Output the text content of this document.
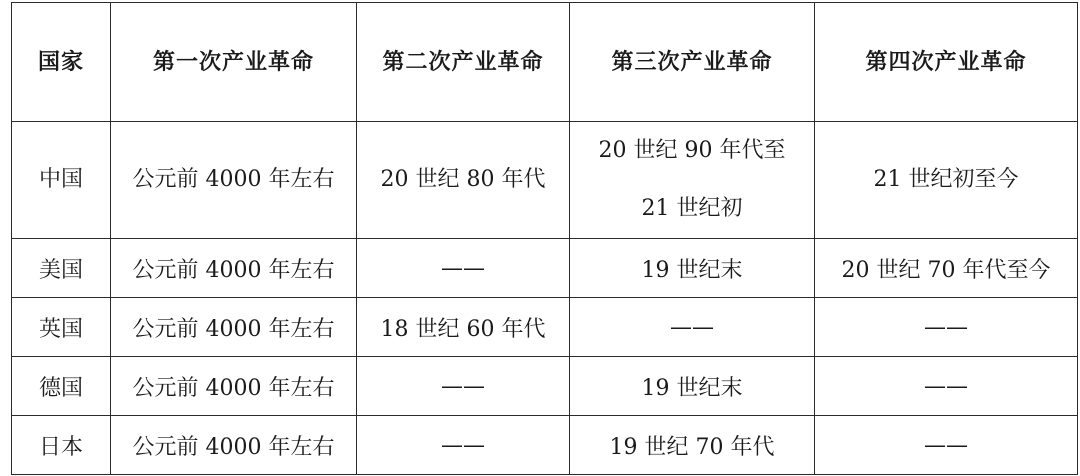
国家	第一次产业革命	第二次产业革命	第三次产业革命	第四次产业革命
中国	公元前 4000 年左右	20 世纪 80 年代	20 世纪 90 年代至 21 世纪初	21 世纪初至今
美国	公元前 4000 年左右	——	19 世纪末	20 世纪 70 年代至今
英国	公元前 4000 年左右	18 世纪 60 年代	——	——
德国	公元前 4000 年左右	——	19 世纪末	——
日本	公元前 4000 年左右	——	19 世纪 70 年代	——
